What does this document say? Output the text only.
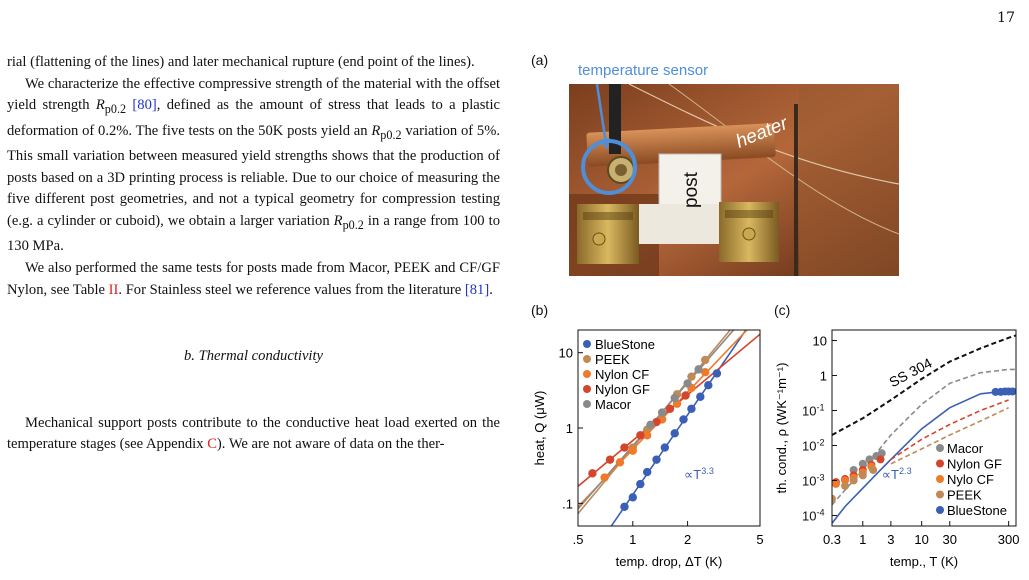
17

rial (flattening of the lines) and later mechanical rupture (end point of the lines).

We characterize the effective compressive strength of the material with the offset yield strength $R_{p0.2}$ [80], defined as the amount of stress that leads to a plastic deformation of 0.2%. The five tests on the 50K posts yield an $R_{p0.2}$ variation of 5%. This small variation between measured yield strengths shows that the production of posts based on a 3D printing process is reliable. Due to our choice of measuring the five different post geometries, and not a typical geometry for compression testing (e.g. a cylinder or cuboid), we obtain a larger variation $R_{p0.2}$ in a range from 100 to 130 MPa.

We also performed the same tests for posts made from Macor, PEEK and CF/GF Nylon, see Table II. For Stainless steel we reference values from the literature [81].

b. Thermal conductivity

Mechanical support posts contribute to the conductive heat load exerted on the temperature stages (see Appendix C). We are not aware of data on the ther-

(a)
(b)	(c)
heater
post
temperature sensor
.5	1	2	5
.1
1
10
temp. drop, ΔT (K)
heat, Q (μW)
BlueStone
PEEK
Nylon CF
Nylon GF
Macor
$\propto T^{3.3}$
0.3 1 3 10 30	300
10
1
$10^{-1}$
$10^{-2}$
$10^{-3}$
$10^{-4}$
temp., T (K)
th. cond., ρ (WK⁻¹m⁻¹)	SS 304
$\propto T^{2.3}$
Macor
Nylon GF
Nylo CF
PEEK
BlueStone
